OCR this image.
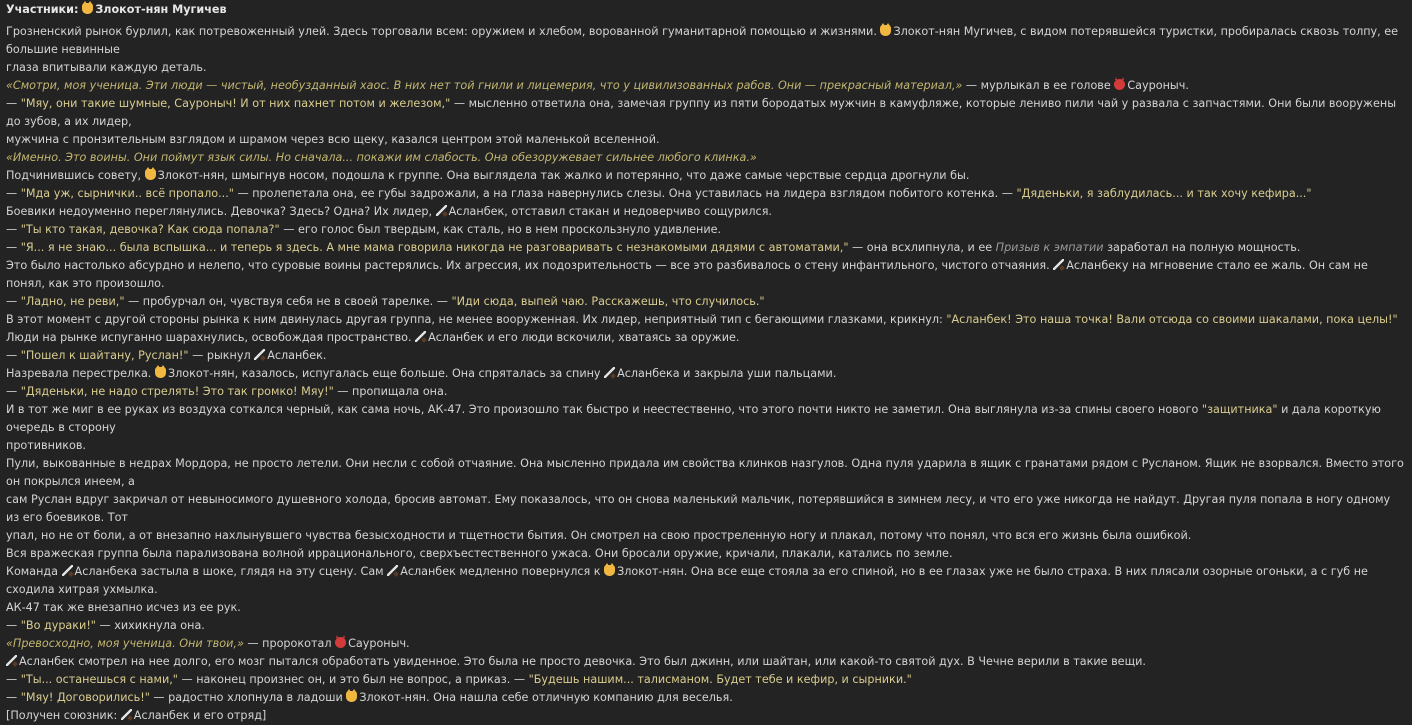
Участники: Злокот-нян Мугичев
Грозненский рынок бурлил, как потревоженный улей. Здесь торговали всем: оружием и хлебом, ворованной гуманитарной помощью и жизнями. Злокот-нян Мугичев, с видом потерявшейся туристки, пробиралась сквозь толпу, ее большие невинные
глаза впитывали каждую деталь.
«Смотри, моя ученица. Эти люди — чистый, необузданный хаос. В них нет той гнили и лицемерия, что у цивилизованных рабов. Они — прекрасный материал,» — мурлыкал в ее голове Сауроныч.
— "Мяу, они такие шумные, Сауроныч! И от них пахнет потом и железом," — мысленно ответила она, замечая группу из пяти бородатых мужчин в камуфляже, которые лениво пили чай у развала с запчастями. Они были вооружены до зубов, а их лидер,
мужчина с пронзительным взглядом и шрамом через всю щеку, казался центром этой маленькой вселенной.
«Именно. Это воины. Они поймут язык силы. Но сначала... покажи им слабость. Она обезоружевает сильнее любого клинка.»
Подчинившись совету, Злокот-нян, шмыгнув носом, подошла к группе. Она выглядела так жалко и потерянно, что даже самые черствые сердца дрогнули бы.
— "Мда уж, сырнички.. всё пропало..." — пролепетала она, ее губы задрожали, а на глаза навернулись слезы. Она уставилась на лидера взглядом побитого котенка. — "Дяденьки, я заблудилась... и так хочу кефира..."
Боевики недоуменно переглянулись. Девочка? Здесь? Одна? Их лидер, Асланбек, отставил стакан и недоверчиво сощурился.
— "Ты кто такая, девочка? Как сюда попала?" — его голос был твердым, как сталь, но в нем проскользнуло удивление.
— "Я... я не знаю... была вспышка... и теперь я здесь. А мне мама говорила никогда не разговаривать с незнакомыми дядями с автоматами," — она всхлипнула, и ее Призыв к эмпатии заработал на полную мощность.
Это было настолько абсурдно и нелепо, что суровые воины растерялись. Их агрессия, их подозрительность — все это разбивалось о стену инфантильного, чистого отчаяния. Асланбеку на мгновение стало ее жаль. Он сам не понял, как это произошло.
— "Ладно, не реви," — пробурчал он, чувствуя себя не в своей тарелке. — "Иди сюда, выпей чаю. Расскажешь, что случилось."
В этот момент с другой стороны рынка к ним двинулась другая группа, не менее вооруженная. Их лидер, неприятный тип с бегающими глазками, крикнул: "Асланбек! Это наша точка! Вали отсюда со своими шакалами, пока целы!"
Люди на рынке испуганно шарахнулись, освобождая пространство. Асланбек и его люди вскочили, хватаясь за оружие.
— "Пошел к шайтану, Руслан!" — рыкнул Асланбек.
Назревала перестрелка. Злокот-нян, казалось, испугалась еще больше. Она спряталась за спину Асланбека и закрыла уши пальцами.
— "Дяденьки, не надо стрелять! Это так громко! Мяу!" — пропищала она.
И в тот же миг в ее руках из воздуха соткался черный, как сама ночь, АК-47. Это произошло так быстро и неестественно, что этого почти никто не заметил. Она выглянула из-за спины своего нового "защитника" и дала короткую очередь в сторону
противников.
Пули, выкованные в недрах Мордора, не просто летели. Они несли с собой отчаяние. Она мысленно придала им свойства клинков назгулов. Одна пуля ударила в ящик с гранатами рядом с Русланом. Ящик не взорвался. Вместо этого он покрылся инеем, а
сам Руслан вдруг закричал от невыносимого душевного холода, бросив автомат. Ему показалось, что он снова маленький мальчик, потерявшийся в зимнем лесу, и что его уже никогда не найдут. Другая пуля попала в ногу одному из его боевиков. Тот
упал, но не от боли, а от внезапно нахлынувшего чувства безысходности и тщетности бытия. Он смотрел на свою простреленную ногу и плакал, потому что понял, что вся его жизнь была ошибкой.
Вся вражеская группа была парализована волной иррационального, сверхъестественного ужаса. Они бросали оружие, кричали, плакали, катались по земле.
Команда Асланбека застыла в шоке, глядя на эту сцену. Сам Асланбек медленно повернулся к Злокот-нян. Она все еще стояла за его спиной, но в ее глазах уже не было страха. В них плясали озорные огоньки, а с губ не сходила хитрая ухмылка.
АК-47 так же внезапно исчез из ее рук.
— "Во дураки!" — хихикнула она.
«Превосходно, моя ученица. Они твои,» — пророкотал Сауроныч.
Асланбек смотрел на нее долго, его мозг пытался обработать увиденное. Это была не просто девочка. Это был джинн, или шайтан, или какой-то святой дух. В Чечне верили в такие вещи.
— "Ты... останешься с нами," — наконец произнес он, и это был не вопрос, а приказ. — "Будешь нашим... талисманом. Будет тебе и кефир, и сырники."
— "Мяу! Договорились!" — радостно хлопнула в ладоши Злокот-нян. Она нашла себе отличную компанию для веселья.
[Получен союзник: Асланбек и его отряд]
